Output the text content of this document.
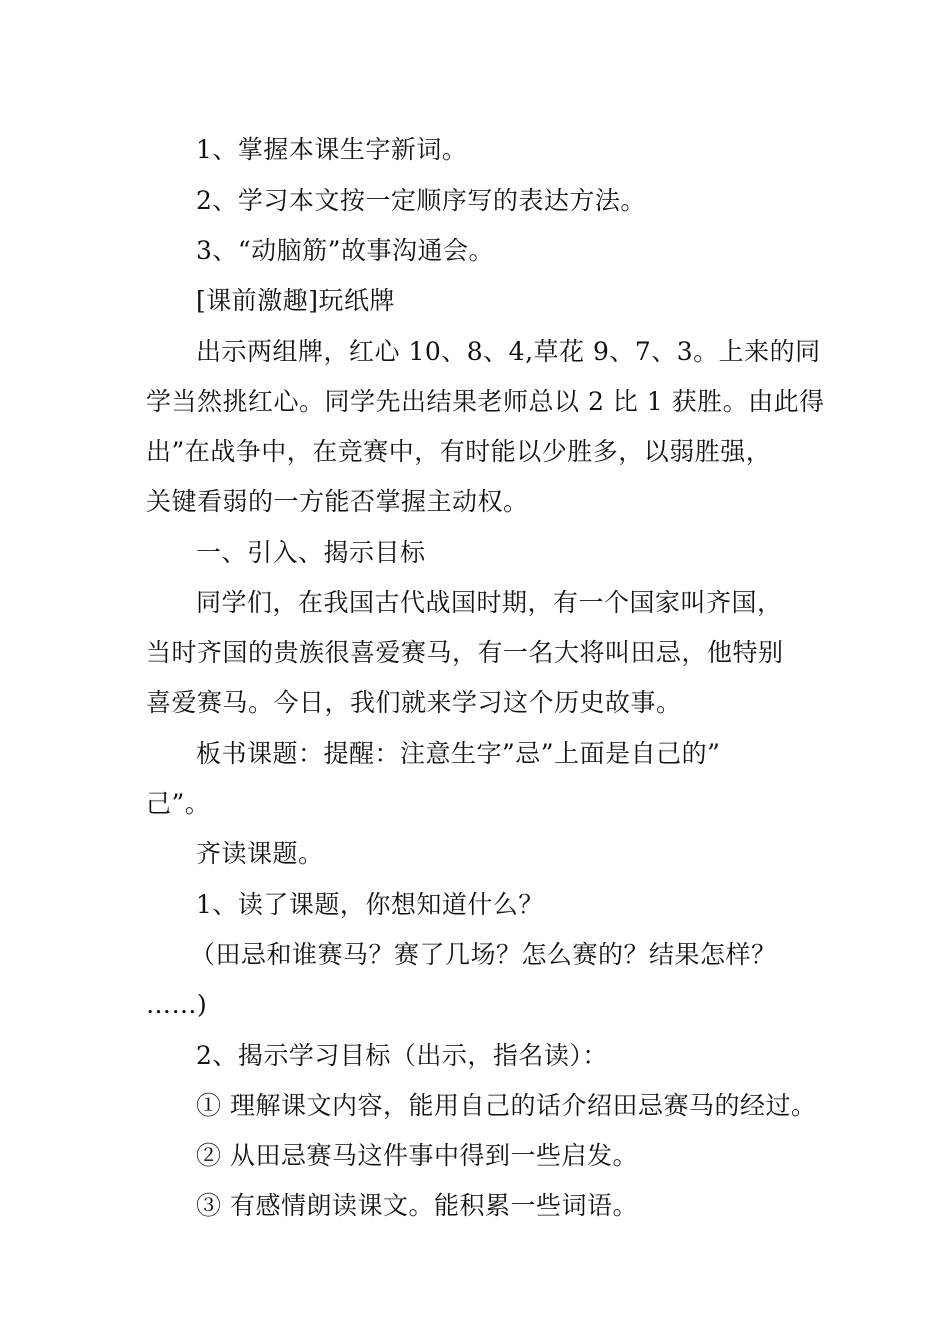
1、掌握本课生字新词。
2、学习本文按一定顺序写的表达方法。
3、“动脑筋”故事沟通会。
[课前激趣]玩纸牌
出示两组牌，红心 10、8、4,草花 9、7、3。上来的同
学当然挑红心。同学先出结果老师总以 2 比 1 获胜。由此得
出”在战争中，在竞赛中，有时能以少胜多，以弱胜强，
关键看弱的一方能否掌握主动权。
一、引入、揭示目标
同学们，在我国古代战国时期，有一个国家叫齐国，
当时齐国的贵族很喜爱赛马，有一名大将叫田忌，他特别
喜爱赛马。今日，我们就来学习这个历史故事。
板书课题：提醒：注意生字”忌”上面是自己的”
己”。
齐读课题。
1、读了课题，你想知道什么？
（田忌和谁赛马？赛了几场？怎么赛的？结果怎样？
……)
2、揭示学习目标（出示，指名读）：
① 理解课文内容，能用自己的话介绍田忌赛马的经过。
② 从田忌赛马这件事中得到一些启发。
③ 有感情朗读课文。能积累一些词语。
